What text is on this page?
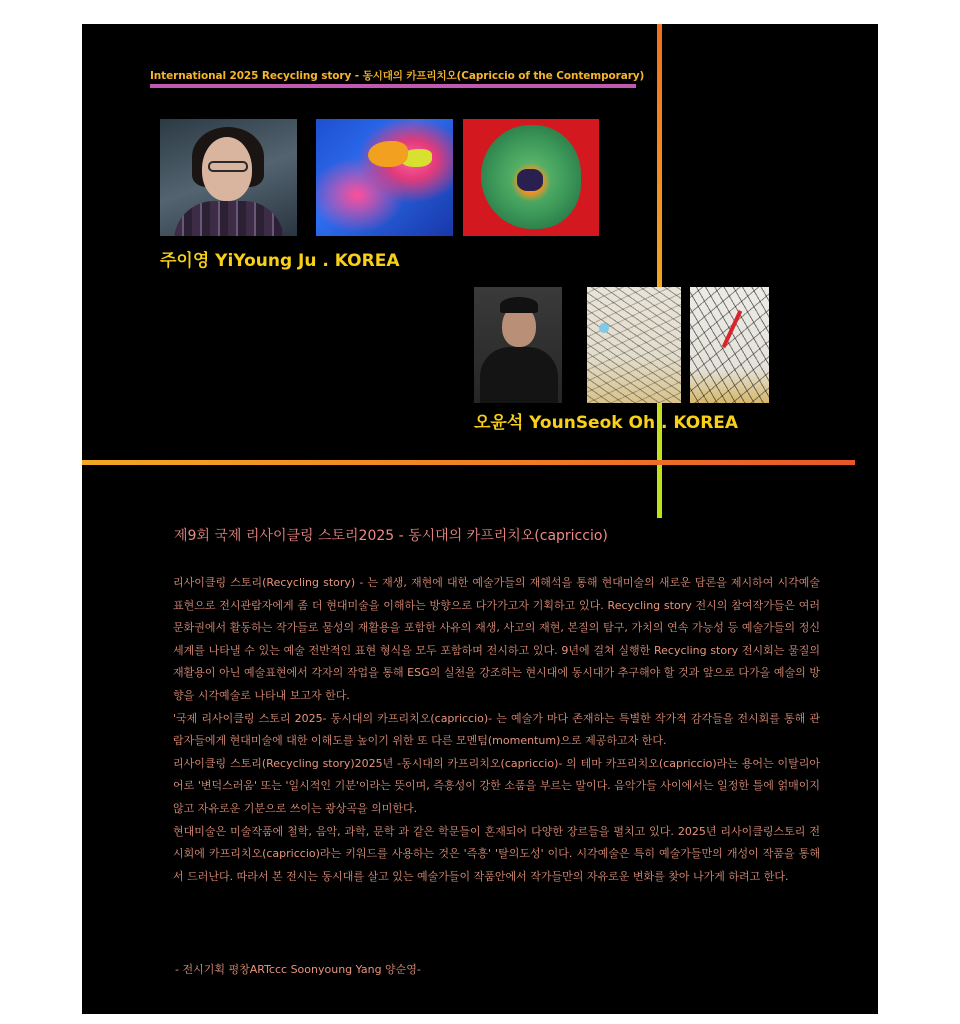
International 2025 Recycling story - 동시대의 카프리치오(Capriccio of the Contemporary)
주이영 YiYoung Ju . KOREA
오윤석 YounSeok Oh . KOREA
제9회 국제 리사이클링 스토리2025 - 동시대의 카프리치오(capriccio)

리사이클링 스토리(Recycling story) - 는 재생, 재현에 대한 예술가들의 재해석을 통해 현대미술의 새로운 담론을 제시하여 시각예술 표현으로 전시관람자에게 좀 더 현대미술을 이해하는 방향으로 다가가고자 기획하고 있다. Recycling story 전시의 참여작가들은 여러 문화권에서 활동하는 작가들로 물성의 재활용을 포함한 사유의 재생, 사고의 재현, 본질의 탐구, 가치의 연속 가능성 등 예술가들의 정신세계를 나타낼 수 있는 예술 전반적인 표현 형식을 모두 포함하며 전시하고 있다. 9년에 걸쳐 실행한 Recycling story 전시회는 물질의 재활용이 아닌 예술표현에서 각자의 작업을 통해 ESG의 실천을 강조하는 현시대에 동시대가 추구해야 할 것과 앞으로 다가올 예술의 방향을 시각예술로 나타내 보고자 한다.

'국제 리사이클링 스토리 2025- 동시대의 카프리치오(capriccio)- 는 예술가 마다 존재하는 특별한 작가적 감각들을 전시회를 통해 관람자들에게 현대미술에 대한 이해도를 높이기 위한 또 다른 모멘텀(momentum)으로 제공하고자 한다.

리사이클링 스토리(Recycling story)2025년 -동시대의 카프리치오(capriccio)- 의 테마 카프리치오(capriccio)라는 용어는 이탈리아어로 '변덕스러움' 또는 '일시적인 기분'이라는 뜻이며, 즉흥성이 강한 소품을 부르는 말이다. 음악가들 사이에서는 일정한 틀에 얽매이지 않고 자유로운 기분으로 쓰이는 광상곡을 의미한다.

현대미술은 미술작품에 철학, 음악, 과학, 문학 과 같은 학문들이 혼재되어 다양한 장르들을 펼치고 있다. 2025년 리사이클링스토리 전시회에 카프리치오(capriccio)라는 키워드를 사용하는 것은 '즉흥' '탈의도성' 이다. 시각예술은 특히 예술가들만의 개성이 작품을 통해서 드러난다. 따라서 본 전시는 동시대를 살고 있는 예술가들이 작품안에서 작가들만의 자유로운 변화를 찾아 나가게 하려고 한다.

- 전시기획 평창ARTccc Soonyoung Yang 양순영-
